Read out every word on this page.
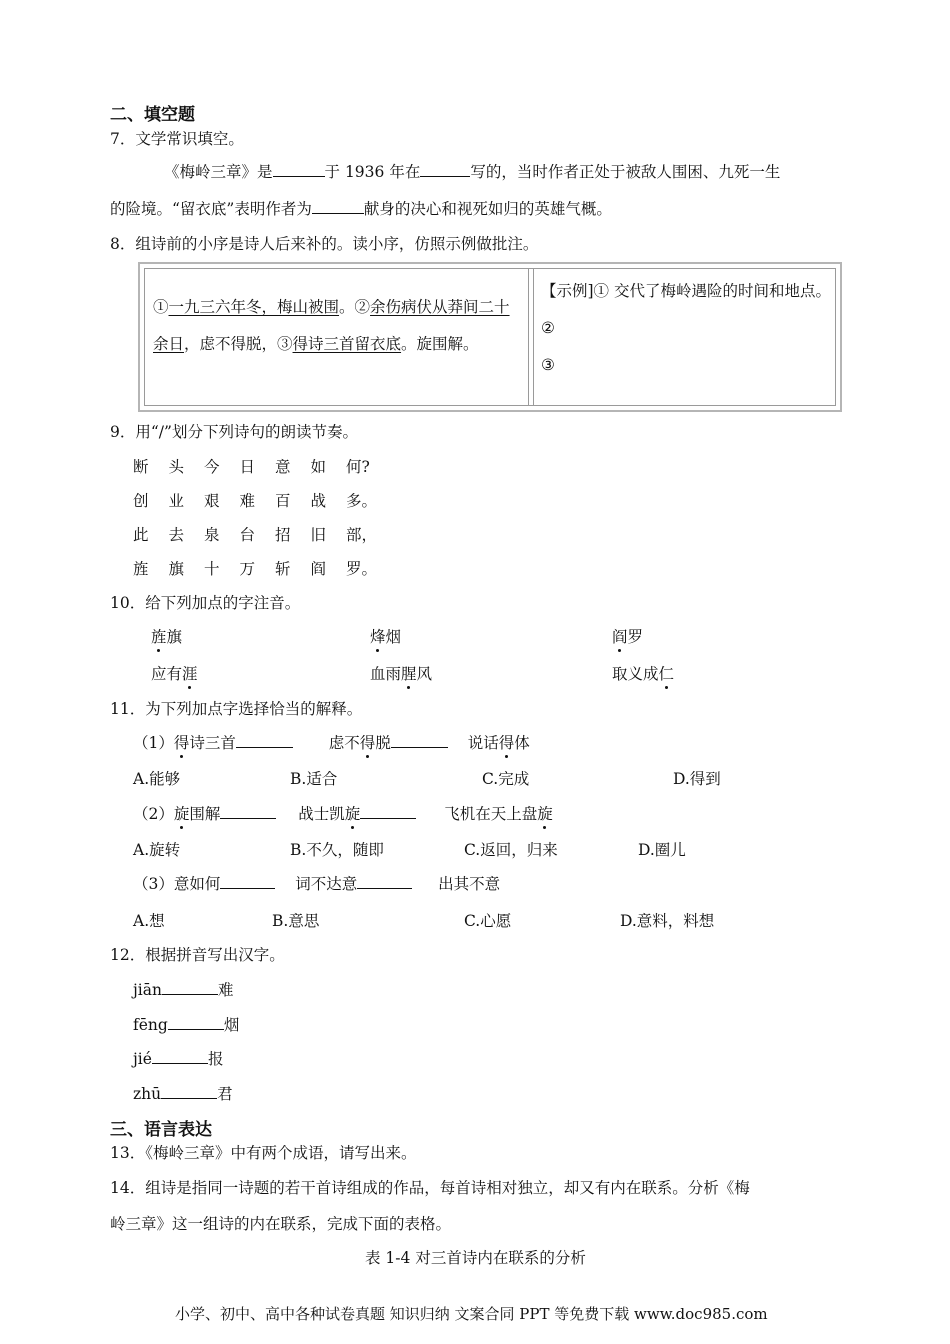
二、填空题
7．文学常识填空。
《梅岭三章》是	于 1936 年在	写的，当时作者正处于被敌人围困、九死一生
的险境。“留衣底”表明作者为	献身的决心和视死如归的英雄气概。
8．组诗前的小序是诗人后来补的。读小序，仿照示例做批注。
①一九三六年冬，梅山被围。②余伤病伏从莽间二十余日，虑不得脱，③得诗三首留衣底。旋围解。
【示例]① 交代了梅岭遇险的时间和地点。
②
③
9．用“/”划分下列诗句的朗读节奏。
断 头 今 日 意 如 何?
创 业 艰 难 百 战 多。
此 去 泉 台 招 旧 部，
旌 旗 十 万 斩 阎 罗。
10．给下列加点的字注音。
旌旗	烽烟	阎罗
应有涯	血雨腥风	取义成仁
11．为下列加点字选择恰当的解释。
（1）得诗三首	虑不得脱	说话得体
A.能够	B.适合	C.完成	D.得到
（2）旋围解	战士凯旋	飞机在天上盘旋
A.旋转	B.不久，随即	C.返回，归来	D.圈儿
（3）意如何	词不达意	出其不意
A.想	B.意思	C.心愿	D.意料，料想
12．根据拼音写出汉字。
jiān	难
fēng	烟
jié	报
zhū	君
三、语言表达
13．《梅岭三章》中有两个成语，请写出来。
14．组诗是指同一诗题的若干首诗组成的作品，每首诗相对独立，却又有内在联系。分析《梅
岭三章》这一组诗的内在联系，完成下面的表格。
表 1-4 对三首诗内在联系的分析
小学、初中、高中各种试卷真题 知识归纳 文案合同 PPT 等免费下载 www.doc985.com
